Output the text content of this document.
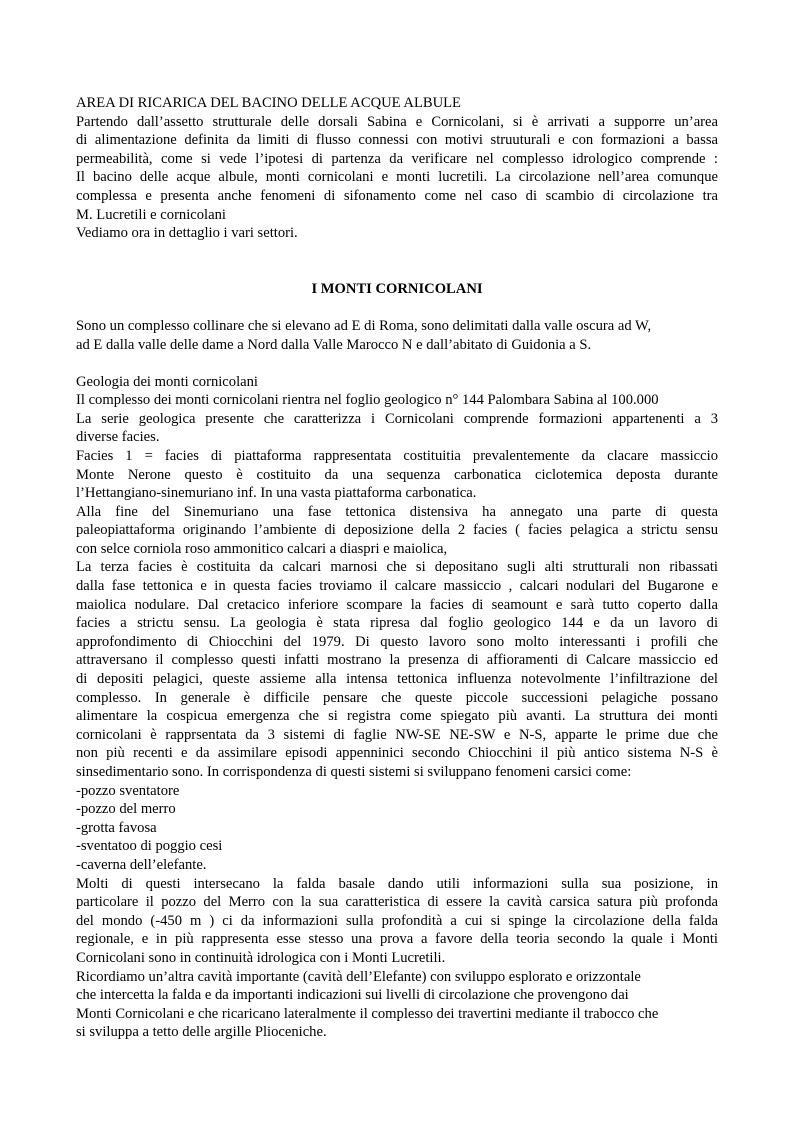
AREA DI RICARICA DEL BACINO DELLE ACQUE ALBULE

Partendo dall’assetto strutturale delle dorsali Sabina e Cornicolani, si è arrivati a supporre un’area

di alimentazione definita da limiti di flusso connessi con motivi struuturali e con formazioni a bassa

permeabilità, come si vede l’ipotesi di partenza da verificare nel complesso idrologico comprende :

Il bacino delle acque albule, monti cornicolani e monti lucretili. La circolazione nell’area comunque

complessa e presenta anche fenomeni di sifonamento come nel caso di scambio di circolazione tra

M. Lucretili e cornicolani

Vediamo ora in dettaglio i vari settori.

I MONTI CORNICOLANI

Sono un complesso collinare che si elevano ad E di Roma, sono delimitati dalla valle oscura ad W,

ad E dalla valle delle dame a Nord dalla Valle Marocco N e dall’abitato di Guidonia a S.

Geologia dei monti cornicolani

Il complesso dei monti cornicolani rientra nel foglio geologico n° 144 Palombara Sabina al 100.000

La serie geologica presente che caratterizza i Cornicolani comprende formazioni appartenenti a 3

diverse facies.

Facies 1 = facies di piattaforma rappresentata costituitia prevalentemente da clacare massiccio

Monte Nerone questo è costituito da una sequenza carbonatica ciclotemica deposta durante

l’Hettangiano-sinemuriano inf. In una vasta piattaforma carbonatica.

Alla fine del Sinemuriano una fase tettonica distensiva ha annegato una parte di questa

paleopiattaforma originando l’ambiente di deposizione della 2 facies ( facies pelagica a strictu sensu

con selce corniola roso ammonitico calcari a diaspri e maiolica,

La terza facies è costituita da calcari marnosi che si depositano sugli alti strutturali non ribassati

dalla fase tettonica e in questa facies troviamo il calcare massiccio , calcari nodulari del Bugarone e

maiolica nodulare. Dal cretacico inferiore scompare la facies di seamount e sarà tutto coperto dalla

facies a strictu sensu. La geologia è stata ripresa dal foglio geologico 144 e da un lavoro di

approfondimento di Chiocchini del 1979. Di questo lavoro sono molto interessanti i profili che

attraversano il complesso questi infatti mostrano la presenza di affioramenti di Calcare massiccio ed

di depositi pelagici, queste assieme alla intensa tettonica influenza notevolmente l’infiltrazione del

complesso. In generale è difficile pensare che queste piccole successioni pelagiche possano

alimentare la cospicua emergenza che si registra come spiegato più avanti. La struttura dei monti

cornicolani è rapprsentata da 3 sistemi di faglie NW-SE NE-SW e N-S, apparte le prime due che

non più recenti e da assimilare episodi appenninici secondo Chiocchini il più antico sistema N-S è

sinsedimentario sono. In corrispondenza di questi sistemi si sviluppano fenomeni carsici come:

-pozzo sventatore

-pozzo del merro

-grotta favosa

-sventatoo di poggio cesi

-caverna dell’elefante.

Molti di questi intersecano la falda basale dando utili informazioni sulla sua posizione, in

particolare il pozzo del Merro con la sua caratteristica di essere la cavità carsica satura più profonda

del mondo (-450 m ) ci da informazioni sulla profondità a cui si spinge la circolazione della falda

regionale, e in più rappresenta esse stesso una prova a favore della teoria secondo la quale i Monti

Cornicolani sono in continuità idrologica con i Monti Lucretili.

Ricordiamo un’altra cavità importante (cavità dell’Elefante) con sviluppo esplorato e orizzontale

che intercetta la falda e da importanti indicazioni sui livelli di circolazione che provengono dai

Monti Cornicolani e che ricaricano lateralmente il complesso dei travertini mediante il trabocco che

si sviluppa a tetto delle argille Plioceniche.
